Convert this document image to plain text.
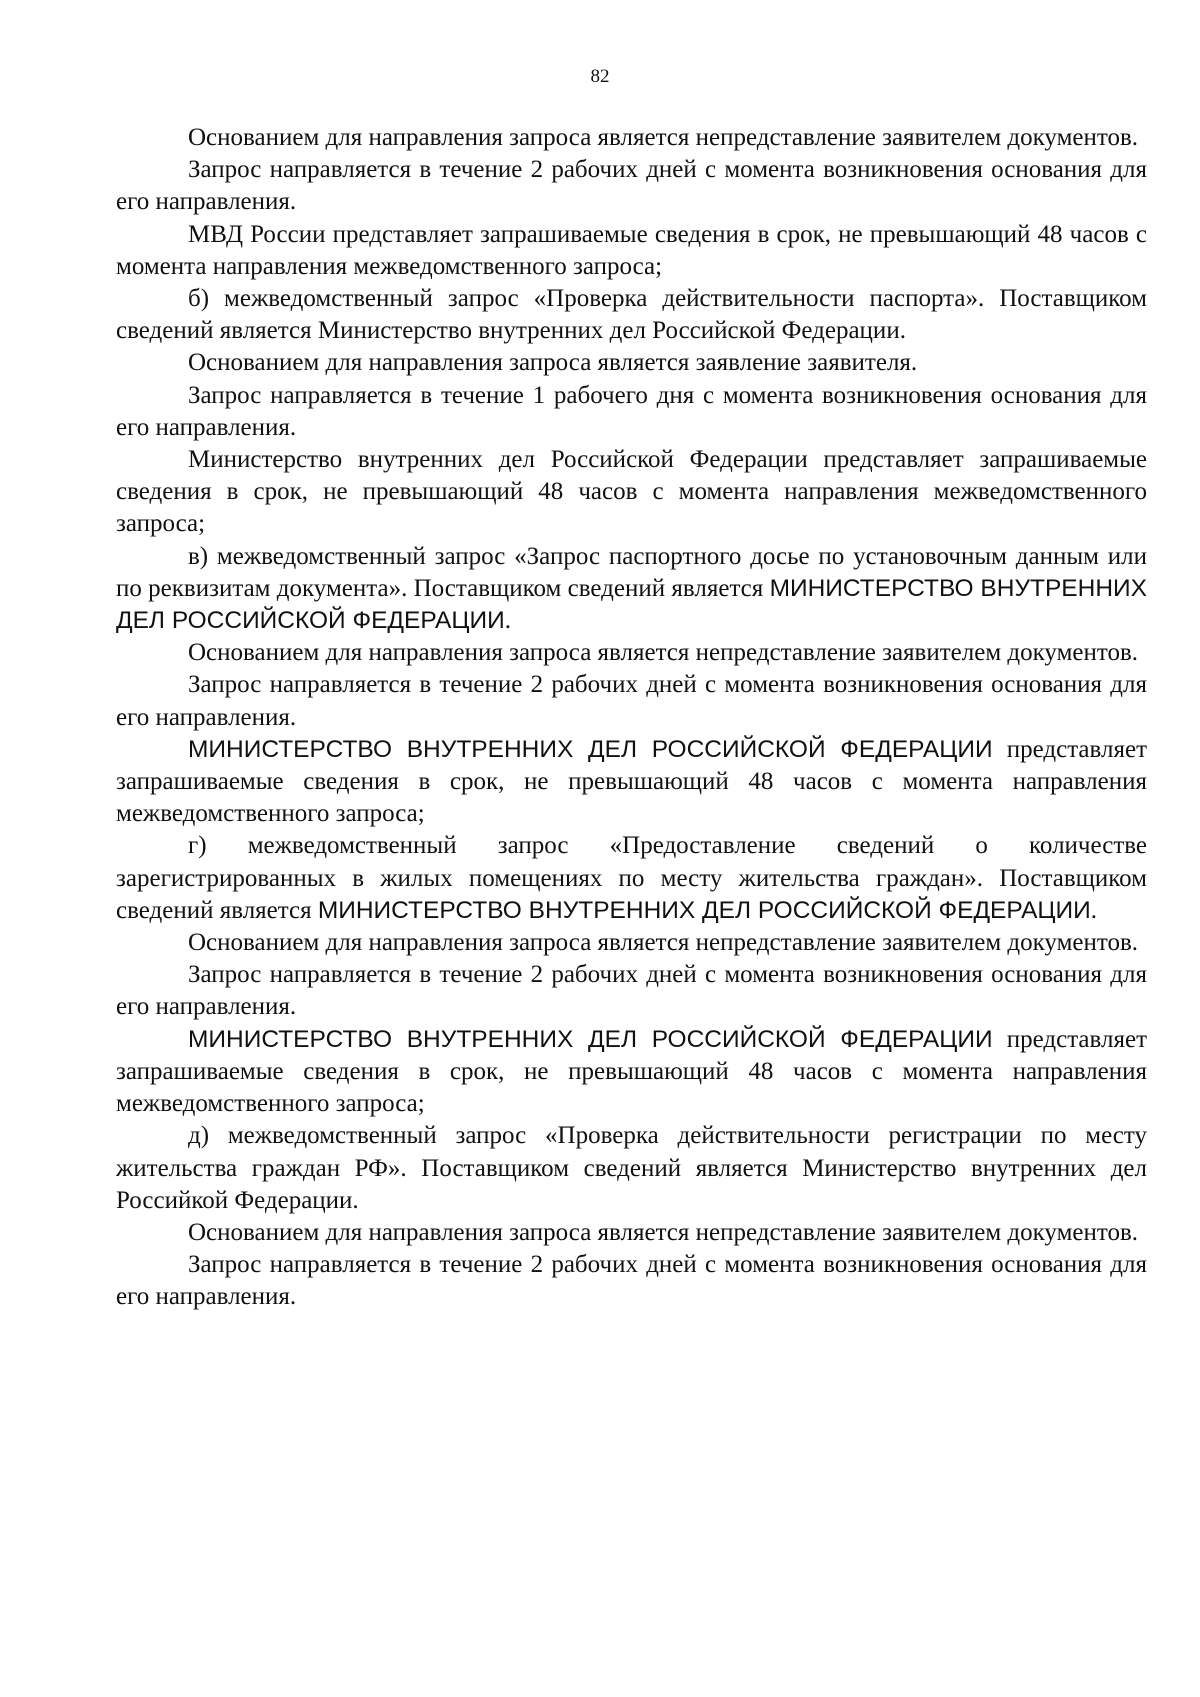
82

Основанием для направления запроса является непредставление заявителем документов.

Запрос направляется в течение 2 рабочих дней с момента возникновения основания для его направления.

МВД России представляет запрашиваемые сведения в срок, не превышающий 48 часов с момента направления межведомственного запроса;

б) межведомственный запрос «Проверка действительности паспорта». Поставщиком сведений является Министерство внутренних дел Российской Федерации.

Основанием для направления запроса является заявление заявителя.

Запрос направляется в течение 1 рабочего дня с момента возникновения основания для его направления.

Министерство внутренних дел Российской Федерации представляет запрашиваемые сведения в срок, не превышающий 48 часов с момента направления межведомственного запроса;

в) межведомственный запрос «Запрос паспортного досье по установочным данным или по реквизитам документа». Поставщиком сведений является МИНИСТЕРСТВО ВНУТРЕННИХ ДЕЛ РОССИЙСКОЙ ФЕДЕРАЦИИ.

Основанием для направления запроса является непредставление заявителем документов.

Запрос направляется в течение 2 рабочих дней с момента возникновения основания для его направления.

МИНИСТЕРСТВО ВНУТРЕННИХ ДЕЛ РОССИЙСКОЙ ФЕДЕРАЦИИ представляет запрашиваемые сведения в срок, не превышающий 48 часов с момента направления межведомственного запроса;

г) межведомственный запрос «Предоставление сведений о количестве зарегистрированных в жилых помещениях по месту жительства граждан». Поставщиком сведений является МИНИСТЕРСТВО ВНУТРЕННИХ ДЕЛ РОССИЙСКОЙ ФЕДЕРАЦИИ.

Основанием для направления запроса является непредставление заявителем документов.

Запрос направляется в течение 2 рабочих дней с момента возникновения основания для его направления.

МИНИСТЕРСТВО ВНУТРЕННИХ ДЕЛ РОССИЙСКОЙ ФЕДЕРАЦИИ представляет запрашиваемые сведения в срок, не превышающий 48 часов с момента направления межведомственного запроса;

д) межведомственный запрос «Проверка действительности регистрации по месту жительства граждан РФ». Поставщиком сведений является Министерство внутренних дел Российкой Федерации.

Основанием для направления запроса является непредставление заявителем документов.

Запрос направляется в течение 2 рабочих дней с момента возникновения основания для его направления.
